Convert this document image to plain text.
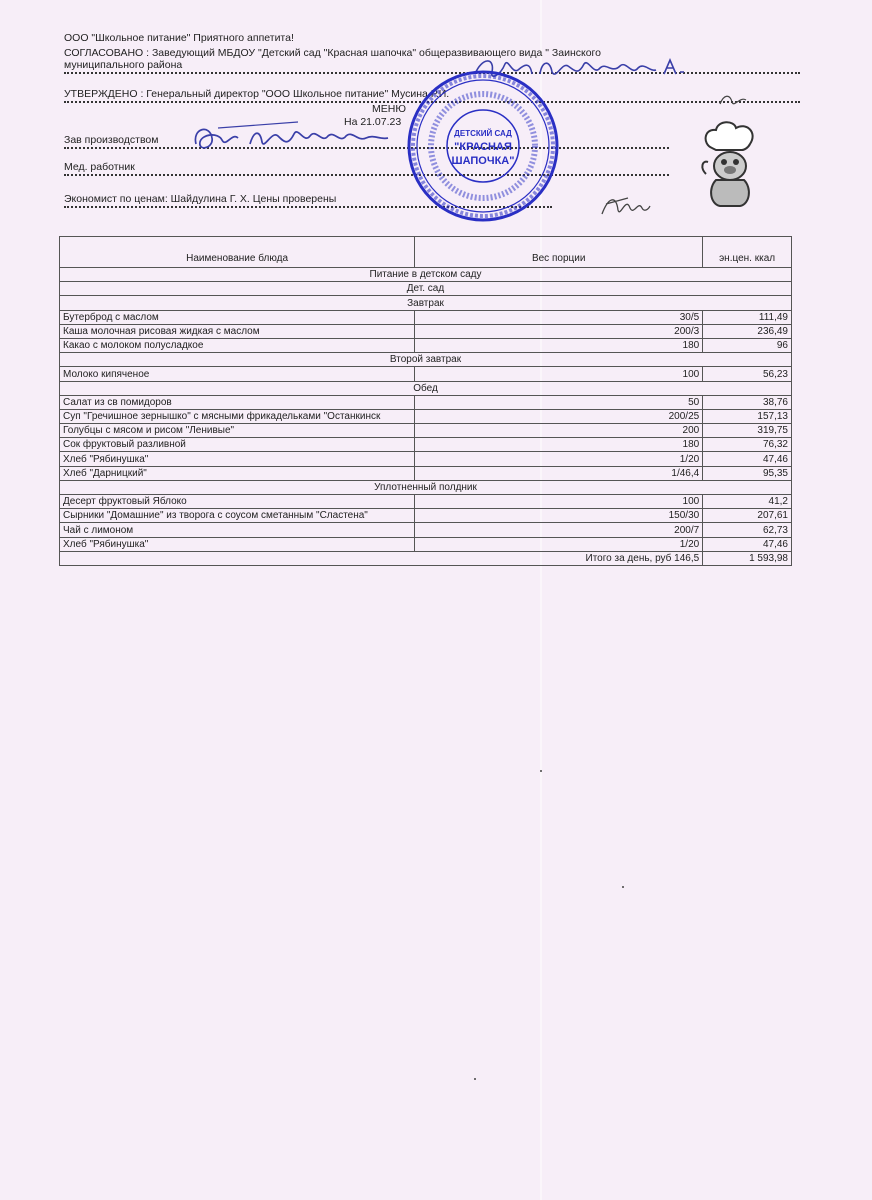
ООО "Школьное питание" Приятного аппетита!
СОГЛАСОВАНО : Заведующий МБДОУ "Детский сад "Красная шапочка" общеразвивающего вида " Заинского
муниципального района
УТВЕРЖДЕНО : Генеральный директор "ООО Школьное питание" Мусина Р.И.
МЕНЮ
На 21.07.23
Зав производством
Мед. работник
Экономист по ценам: Шайдулина Г. Х. Цены проверены
ДЕТСКИЙ САД
"КРАСНАЯ
ШАПОЧКА"
Наименование блюда	Вес порции	эн.цен. ккал
Питание в детском саду		
Дет. сад		
Завтрак		
Бутерброд с маслом	30/5	111,49
Каша молочная рисовая жидкая с маслом	200/3	236,49
Какао с молоком полусладкое	180	96
Второй завтрак		
Молоко кипяченое	100	56,23
Обед		
Салат из св помидоров	50	38,76
Суп "Гречишное зернышко" с мясными фрикадельками "Останкинск	200/25	157,13
Голубцы с мясом и рисом "Ленивые"	200	319,75
Сок фруктовый разливной	180	76,32
Хлеб "Рябинушка"	1/20	47,46
Хлеб "Дарницкий"	1/46,4	95,35
Уплотненный полдник		
Десерт фруктовый Яблоко	100	41,2
Сырники "Домашние" из творога с соусом сметанным "Сластена"	150/30	207,61
Чай с лимоном	200/7	62,73
Хлеб "Рябинушка"	1/20	47,46
Итого за день, руб 146,5		1 593,98
